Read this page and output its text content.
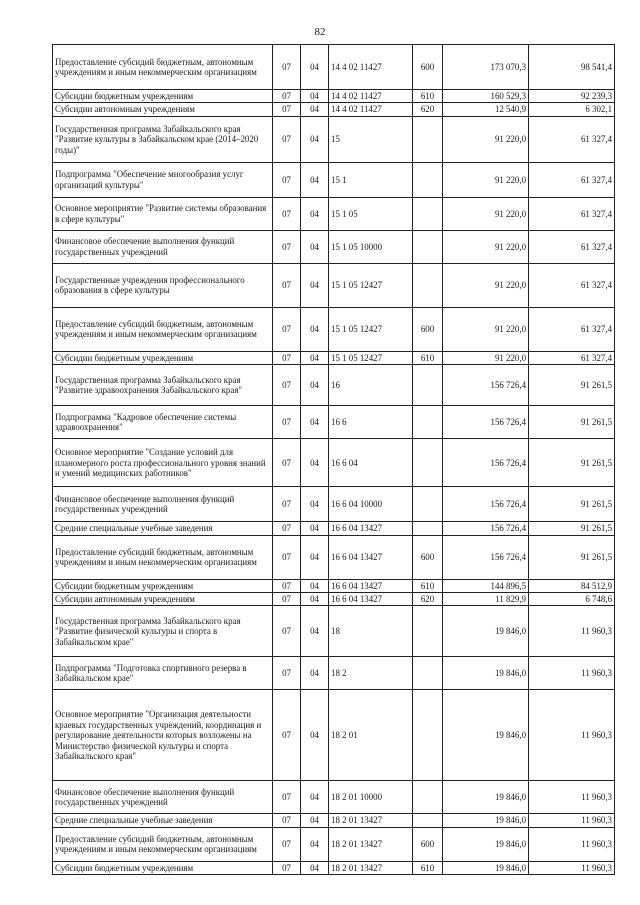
82
Предоставление субсидий бюджетным, автономным учреждениям и иным некоммерческим организациям	07	04	14 4 02 11427	600	173 070,3	98 541,4
Субсидии бюджетным учреждениям	07	04	14 4 02 11427	610	160 529,3	92 239,3
Субсидии автономным учреждениям	07	04	14 4 02 11427	620	12 540,9	6 302,1
Государственная программа Забайкальского края "Развитие культуры в Забайкальском крае (2014–2020 годы)"	07	04	15		91 220,0	61 327,4
Подпрограмма "Обеспечение многообразия услуг организаций культуры"	07	04	15 1		91 220,0	61 327,4
Основное мероприятие "Развитие системы образования в сфере культуры"	07	04	15 1 05		91 220,0	61 327,4
Финансовое обеспечение выполнения функций государственных учреждений	07	04	15 1 05 10000		91 220,0	61 327,4
Государственные учреждения профессионального образования в сфере культуры	07	04	15 1 05 12427		91 220,0	61 327,4
Предоставление субсидий бюджетным, автономным учреждениям и иным некоммерческим организациям	07	04	15 1 05 12427	600	91 220,0	61 327,4
Субсидии бюджетным учреждениям	07	04	15 1 05 12427	610	91 220,0	61 327,4
Государственная программа Забайкальского края "Развитие здравоохранения Забайкальского края"	07	04	16		156 726,4	91 261,5
Подпрограмма "Кадровое обеспечение системы здравоохранения"	07	04	16 6		156 726,4	91 261,5
Основное мероприятие "Создание условий для планомерного роста профессионального уровня знаний и умений медицинских работников"	07	04	16 6 04		156 726,4	91 261,5
Финансовое обеспечение выполнения функций государственных учреждений	07	04	16 6 04 10000		156 726,4	91 261,5
Средние специальные учебные заведения	07	04	16 6 04 13427		156 726,4	91 261,5
Предоставление субсидий бюджетным, автономным учреждениям и иным некоммерческим организациям	07	04	16 6 04 13427	600	156 726,4	91 261,5
Субсидии бюджетным учреждениям	07	04	16 6 04 13427	610	144 896,5	84 512,9
Субсидии автономным учреждениям	07	04	16 6 04 13427	620	11 829,9	6 748,6
Государственная программа Забайкальского края "Развитие физической культуры и спорта в Забайкальском крае"	07	04	18		19 846,0	11 960,3
Подпрограмма "Подготовка спортивного резерва в Забайкальском крае"	07	04	18 2		19 846,0	11 960,3
Основное мероприятие "Организация деятельности краевых государственных учреждений, координация и регулирование деятельности которых возложены на Министерство физической культуры и спорта Забайкальского края"	07	04	18 2 01		19 846,0	11 960,3
Финансовое обеспечение выполнения функций государственных учреждений	07	04	18 2 01 10000		19 846,0	11 960,3
Средние специальные учебные заведения	07	04	18 2 01 13427		19 846,0	11 960,3
Предоставление субсидий бюджетным, автономным учреждениям и иным некоммерческим организациям	07	04	18 2 01 13427	600	19 846,0	11 960,3
Субсидии бюджетным учреждениям	07	04	18 2 01 13427	610	19 846,0	11 960,3
